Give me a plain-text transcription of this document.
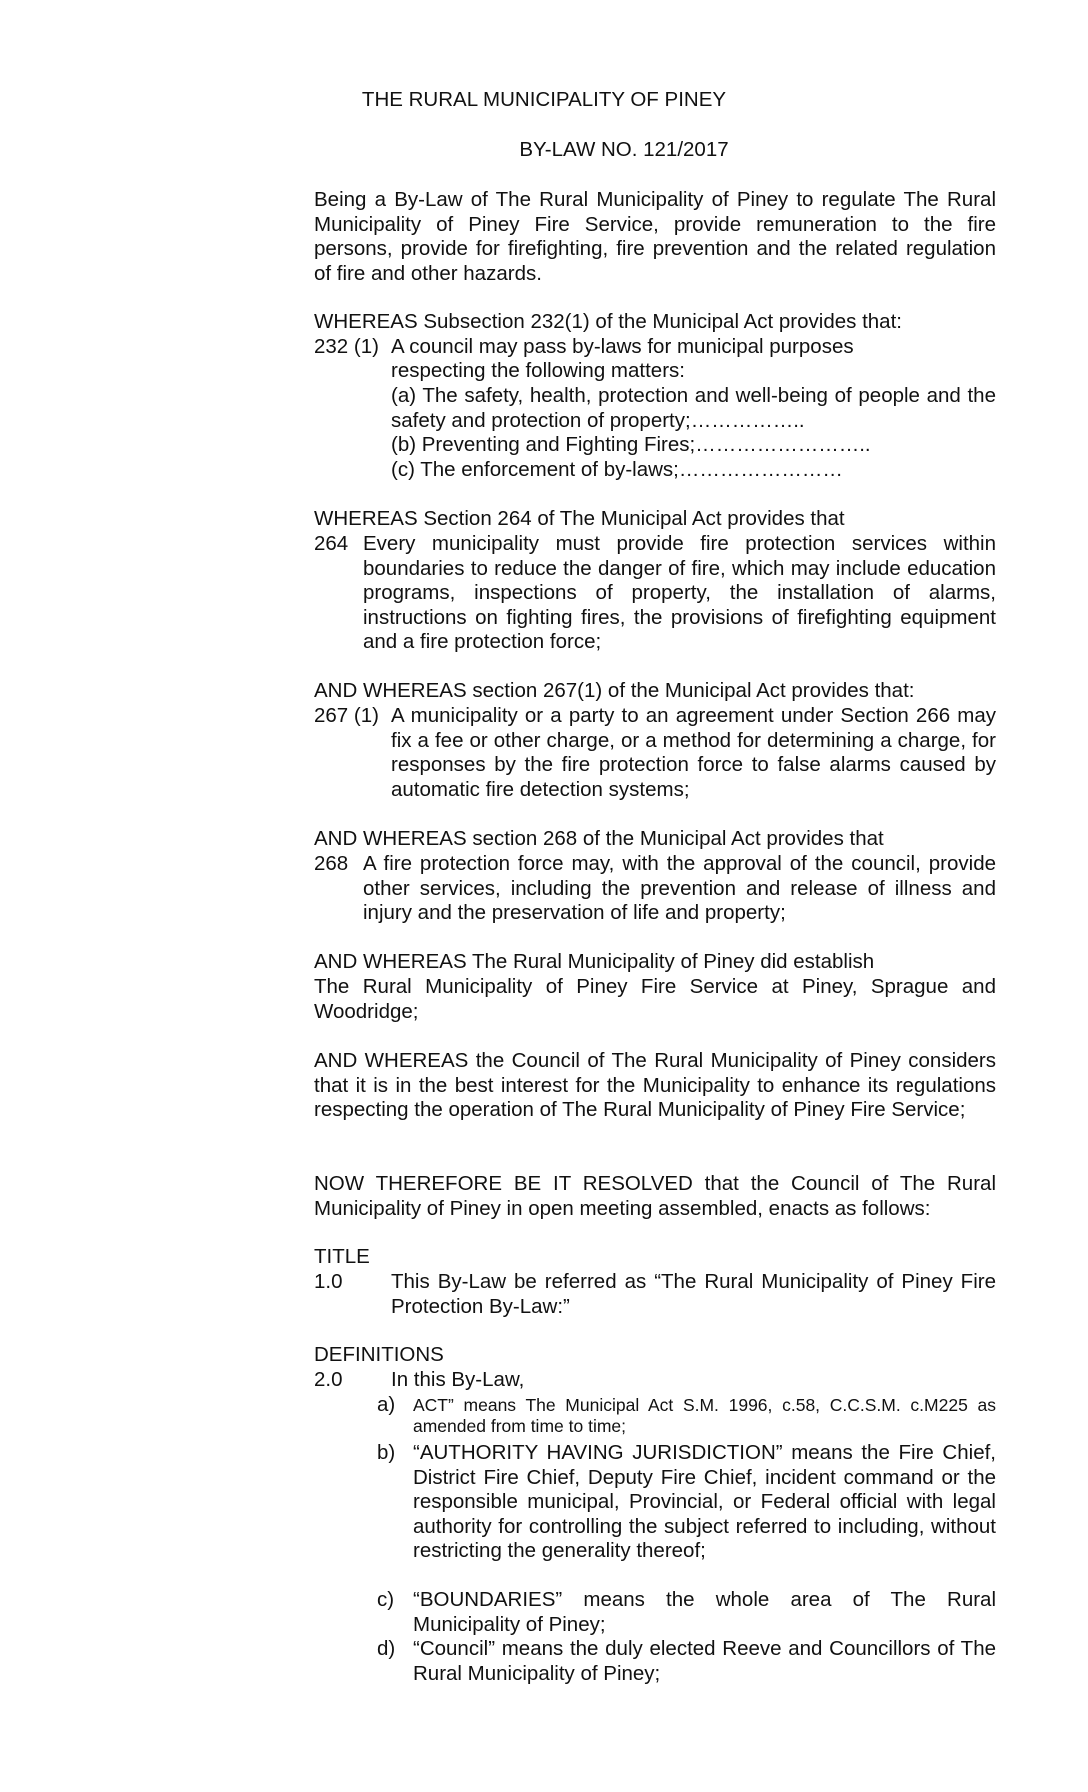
THE RURAL MUNICIPALITY OF PINEY
BY-LAW NO. 121/2017

Being a By-Law of The Rural Municipality of Piney to regulate The Rural Municipality of Piney Fire Service, provide remuneration to the fire persons, provide for firefighting, fire prevention and the related regulation of fire and other hazards.

WHEREAS Subsection 232(1) of the Municipal Act provides that:
232 (1) A council may pass by-laws for municipal purposes
respecting the following matters:

(a) The safety, health, protection and well-being of people and the safety and protection of property;……………..

(b) Preventing and Fighting Fires;……………………..
(c) The enforcement of by-laws;……………………
WHEREAS Section 264 of The Municipal Act provides that
264 Every municipality must provide fire protection services within boundaries to reduce the danger of fire, which may include education programs, inspections of property, the installation of alarms, instructions on fighting fires, the provisions of firefighting equipment and a fire protection force;

AND WHEREAS section 267(1) of the Municipal Act provides that:
267 (1) A municipality or a party to an agreement under Section 266 may fix a fee or other charge, or a method for determining a charge, for responses by the fire protection force to false alarms caused by automatic fire detection systems;

AND WHEREAS section 268 of the Municipal Act provides that
268 A fire protection force may, with the approval of the council, provide other services, including the prevention and release of illness and injury and the preservation of life and property;

AND WHEREAS The Rural Municipality of Piney did establish

The Rural Municipality of Piney Fire Service at Piney, Sprague and Woodridge;

AND WHEREAS the Council of The Rural Municipality of Piney considers that it is in the best interest for the Municipality to enhance its regulations respecting the operation of The Rural Municipality of Piney Fire Service;

NOW THEREFORE BE IT RESOLVED that the Council of The Rural Municipality of Piney in open meeting assembled, enacts as follows:

TITLE
1.0 This By-Law be referred as “The Rural Municipality of Piney Fire Protection By-Law:”

DEFINITIONS
2.0 In this By-Law,
a) ACT” means The Municipal Act S.M. 1996, c.58, C.C.S.M. c.M225 as amended from time to time;

b) “AUTHORITY HAVING JURISDICTION” means the Fire Chief, District Fire Chief, Deputy Fire Chief, incident command or the responsible municipal, Provincial, or Federal official with legal authority for controlling the subject referred to including, without restricting the generality thereof;

c) “BOUNDARIES” means the whole area of The Rural Municipality of Piney;

d) “Council” means the duly elected Reeve and Councillors of The Rural Municipality of Piney;
